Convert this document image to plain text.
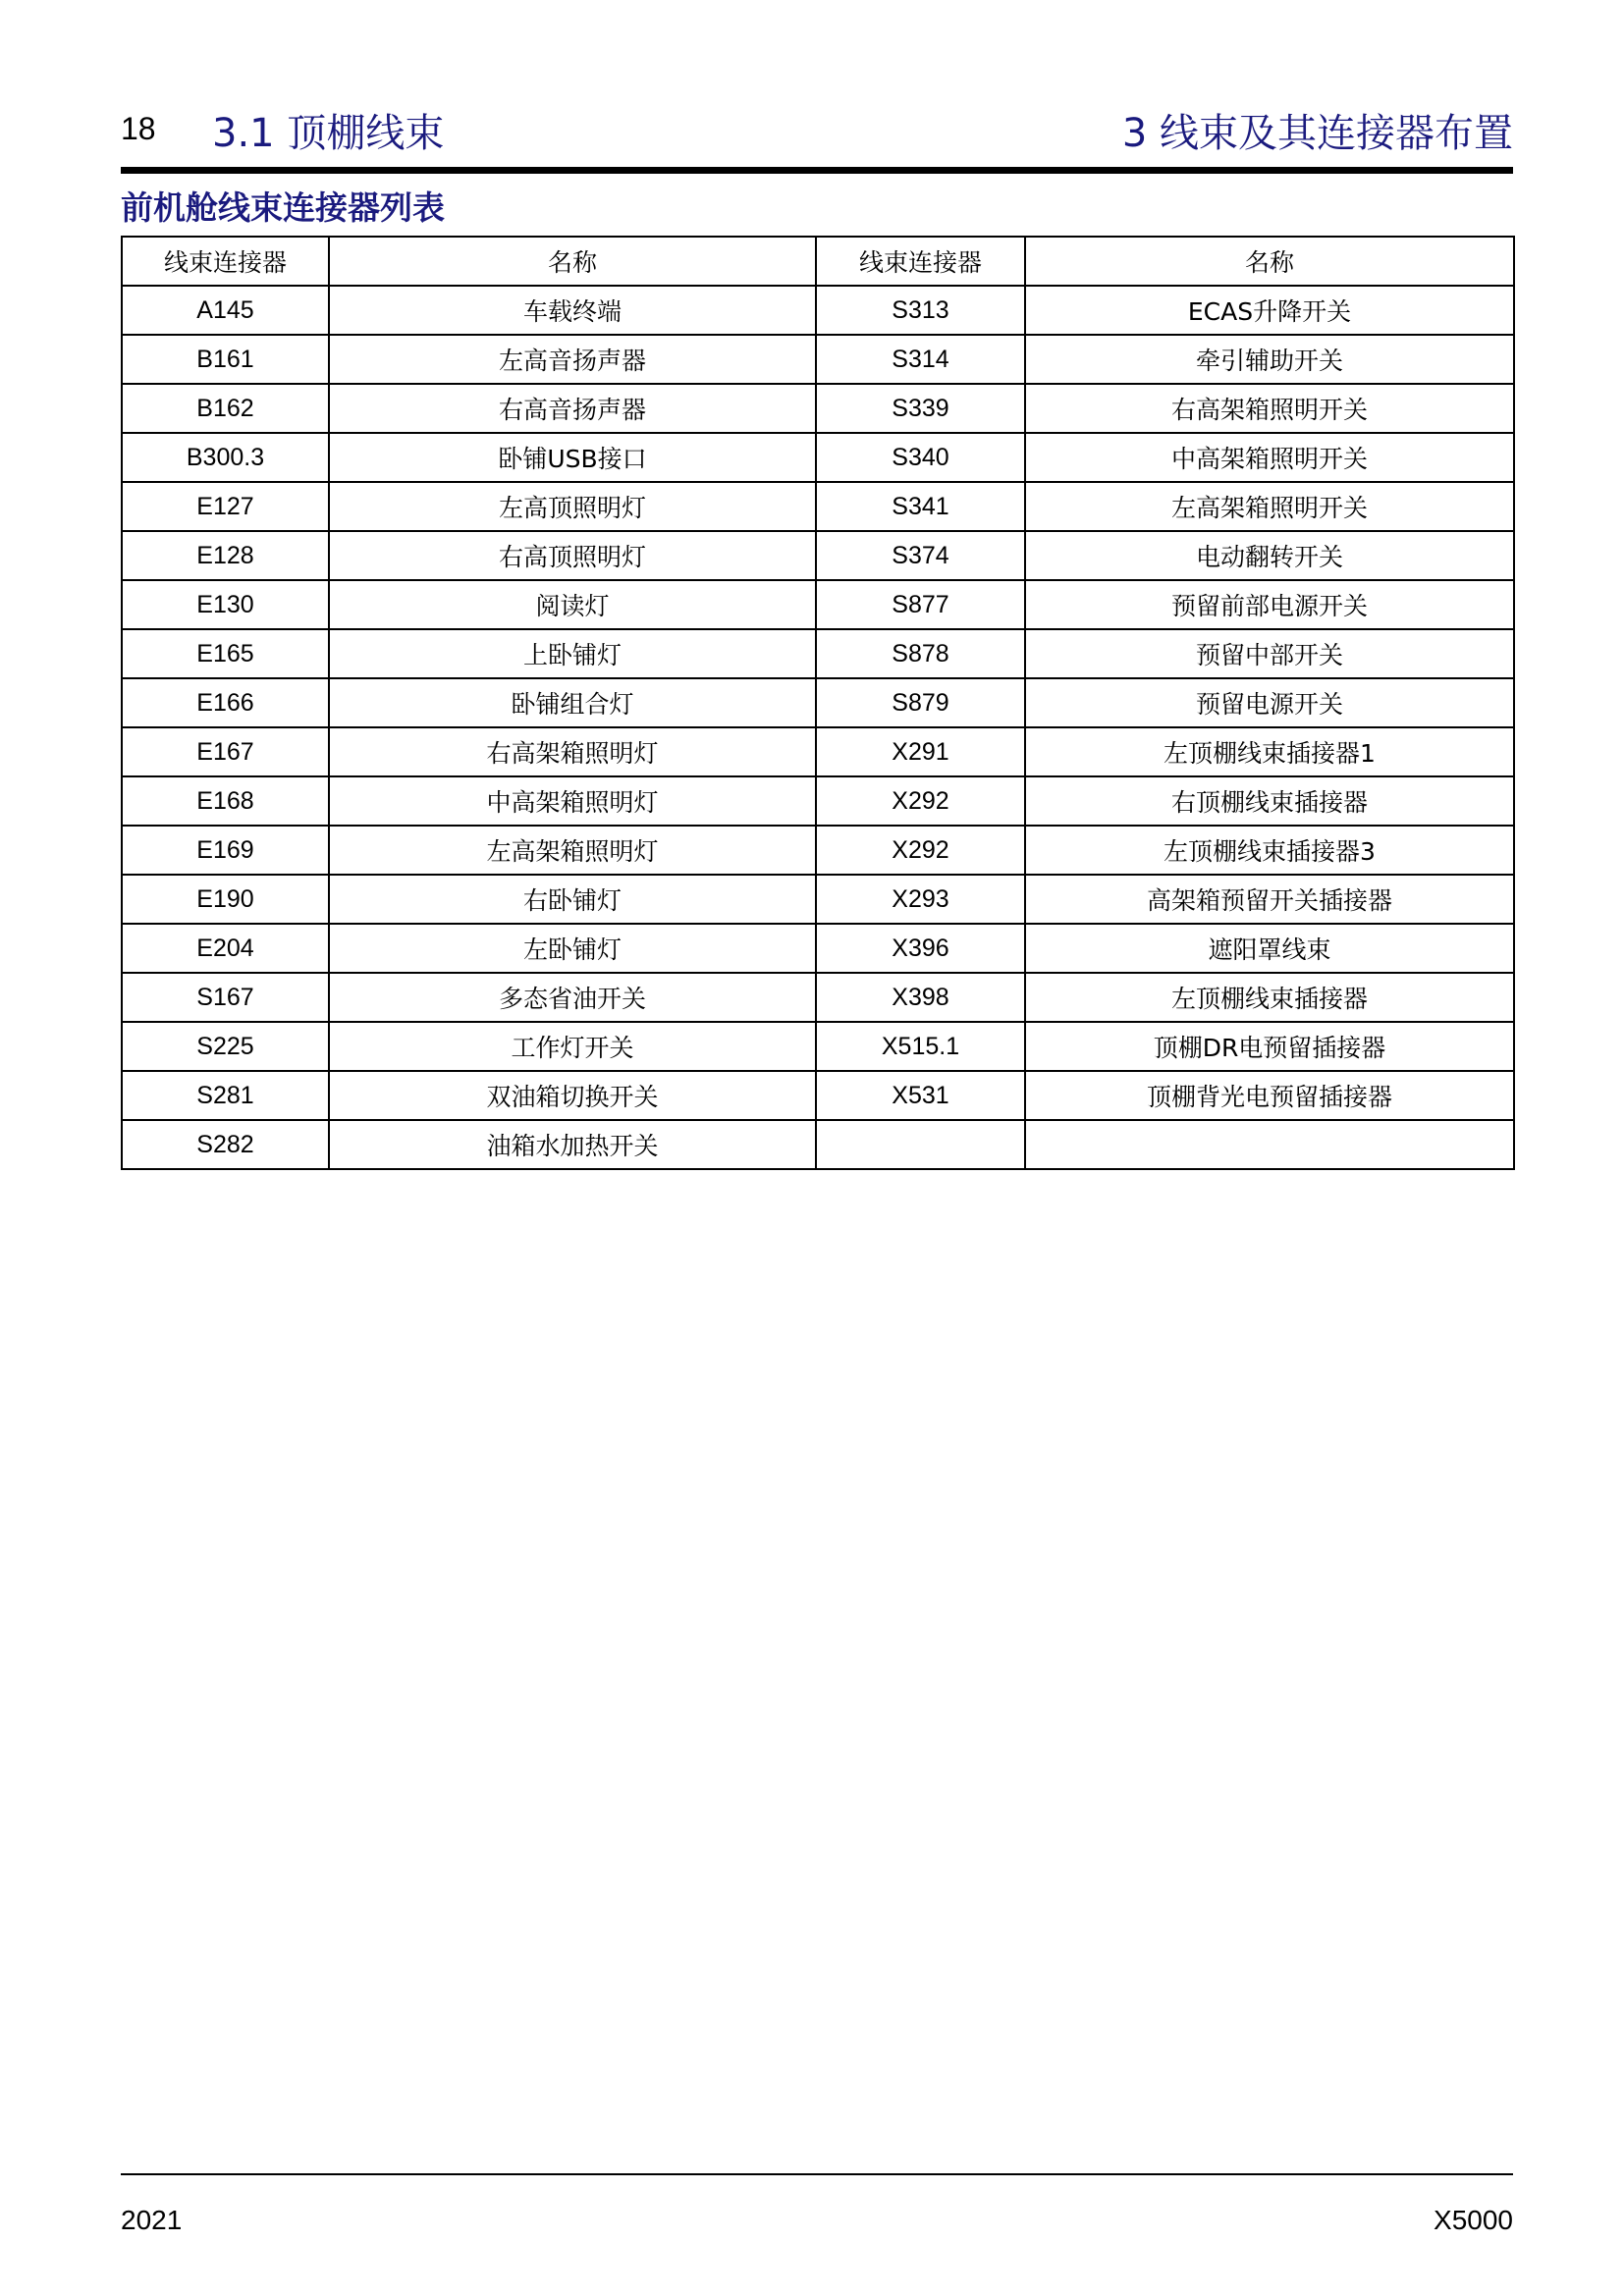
18 3.1 顶棚线束	3 线束及其连接器布置
前机舱线束连接器列表
线束连接器	名称	线束连接器	名称
A145	车载终端	S313	ECAS升降开关
B161	左高音扬声器	S314	牵引辅助开关
B162	右高音扬声器	S339	右高架箱照明开关
B300.3	卧铺USB接口	S340	中高架箱照明开关
E127	左高顶照明灯	S341	左高架箱照明开关
E128	右高顶照明灯	S374	电动翻转开关
E130	阅读灯	S877	预留前部电源开关
E165	上卧铺灯	S878	预留中部开关
E166	卧铺组合灯	S879	预留电源开关
E167	右高架箱照明灯	X291	左顶棚线束插接器1
E168	中高架箱照明灯	X292	右顶棚线束插接器
E169	左高架箱照明灯	X292	左顶棚线束插接器3
E190	右卧铺灯	X293	高架箱预留开关插接器
E204	左卧铺灯	X396	遮阳罩线束
S167	多态省油开关	X398	左顶棚线束插接器
S225	工作灯开关	X515.1	顶棚DR电预留插接器
S281	双油箱切换开关	X531	顶棚背光电预留插接器
S282	油箱水加热开关		
2021	X5000
